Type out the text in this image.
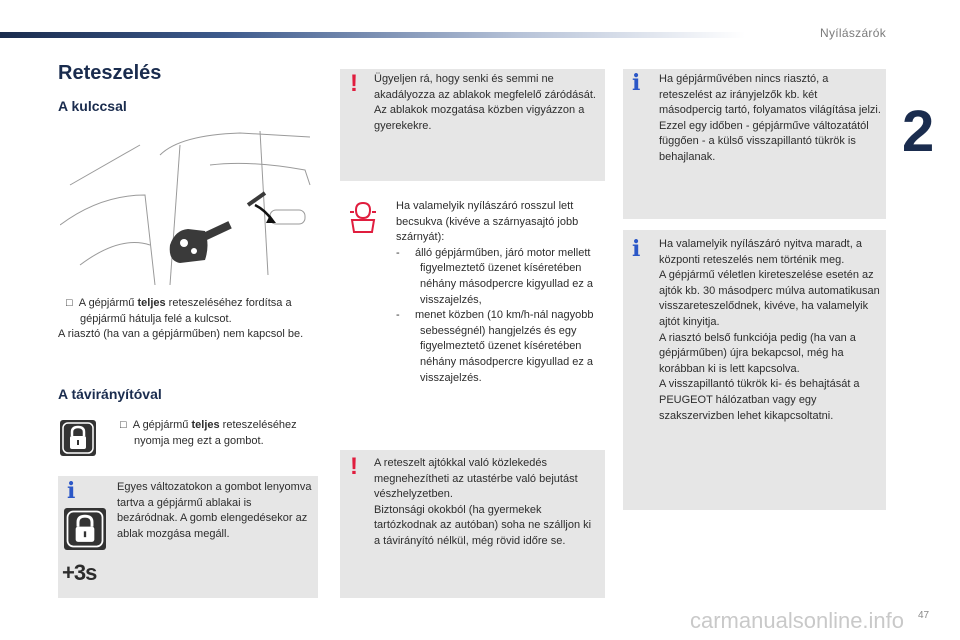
Nyílászárók
2
Reteszelés
A kulccsal
□ A gépjármű teljes reteszeléséhez fordítsa a gépjármű hátulja felé a kulcsot.
A riasztó (ha van a gépjárműben) nem kapcsol be.
A távirányítóval
□ A gépjármű teljes reteszeléséhez nyomja meg ezt a gombot.
i
+3s
Egyes változatokon a gombot lenyomva tartva a gépjármű ablakai is bezáródnak. A gomb elengedésekor az ablak mozgása megáll.
! Ügyeljen rá, hogy senki és semmi ne akadályozza az ablakok megfelelő záródását.
Az ablakok mozgatása közben vigyázzon a gyerekekre.
Ha valamelyik nyílászáró rosszul lett becsukva (kivéve a szárnyasajtó jobb szárnyát):
-     álló gépjárműben, járó motor mellett figyelmeztető üzenet kíséretében néhány másodpercre kigyullad ez a visszajelzés,
-     menet közben (10 km/h-nál nagyobb sebességnél) hangjelzés és egy figyelmeztető üzenet kíséretében néhány másodpercre kigyullad ez a visszajelzés.
! A reteszelt ajtókkal való közlekedés megnehezítheti az utastérbe való bejutást vészhelyzetben.
Biztonsági okokból (ha gyermekek tartózkodnak az autóban) soha ne szálljon ki a távirányító nélkül, még rövid időre se.
i Ha gépjárművében nincs riasztó, a reteszelést az irányjelzők kb. két másodpercig tartó, folyamatos világítása jelzi.
Ezzel egy időben - gépjárműve változatától függően - a külső visszapillantó tükrök is behajlanak.
i Ha valamelyik nyílászáró nyitva maradt, a központi reteszelés nem történik meg.
A gépjármű véletlen kireteszelése esetén az ajtók kb. 30 másodperc múlva automatikusan visszareteszelődnek, kivéve, ha valamelyik ajtót kinyitja.
A riasztó belső funkciója pedig (ha van a gépjárműben) újra bekapcsol, még ha korábban ki is lett kapcsolva.
A visszapillantó tükrök ki- és behajtását a PEUGEOT hálózatban vagy egy szakszervizben lehet kikapcsoltatni.
carmanualsonline.info 47
